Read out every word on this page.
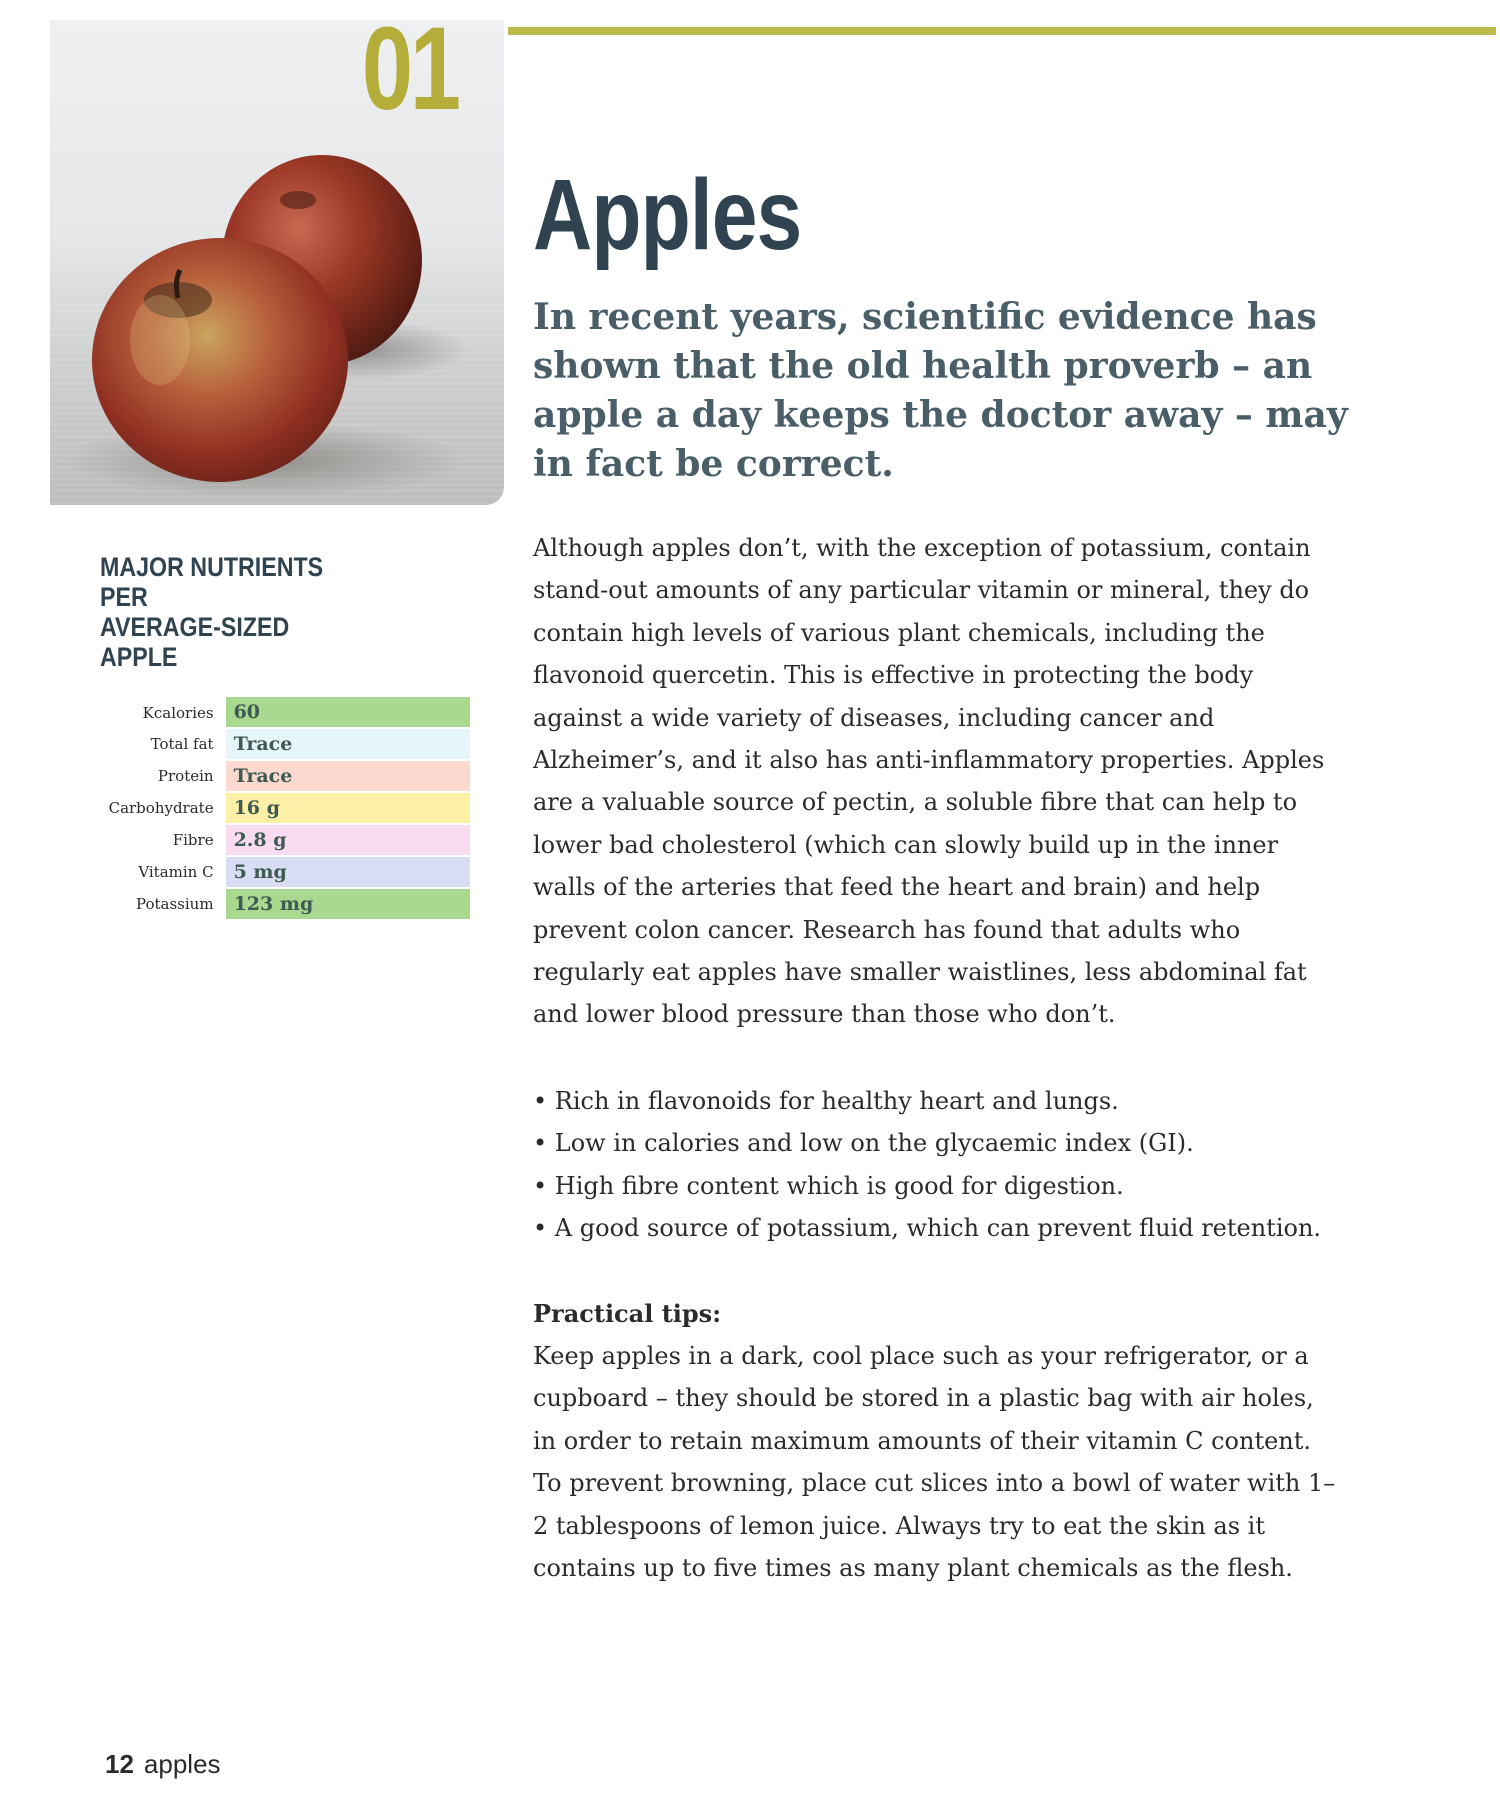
01
Apples

In recent years, scientific evidence has shown that the old health proverb – an apple a day keeps the doctor away – may in fact be correct.

MAJOR NUTRIENTS PER
AVERAGE-SIZED APPLE
Kcalories	60
Total fat	Trace
Protein	Trace
Carbohydrate	16 g
Fibre	2.8 g
Vitamin C	5 mg
Potassium	123 mg

Although apples don’t, with the exception of potassium, contain stand-out amounts of any particular vitamin or mineral, they do contain high levels of various plant chemicals, including the flavonoid quercetin. This is effective in protecting the body against a wide variety of diseases, including cancer and Alzheimer’s, and it also has anti-inflammatory properties. Apples are a valuable source of pectin, a soluble fibre that can help to lower bad cholesterol (which can slowly build up in the inner walls of the arteries that feed the heart and brain) and help prevent colon cancer. Research has found that adults who regularly eat apples have smaller waistlines, less abdominal fat and lower blood pressure than those who don’t.

• Rich in flavonoids for healthy heart and lungs.
• Low in calories and low on the glycaemic index (GI).
• High fibre content which is good for digestion.
• A good source of potassium, which can prevent fluid retention.
Practical tips:

Keep apples in a dark, cool place such as your refrigerator, or a cupboard – they should be stored in a plastic bag with air holes, in order to retain maximum amounts of their vitamin C content. To prevent browning, place cut slices into a bowl of water with 1–2 tablespoons of lemon juice. Always try to eat the skin as it contains up to five times as many plant chemicals as the flesh.

12 apples
